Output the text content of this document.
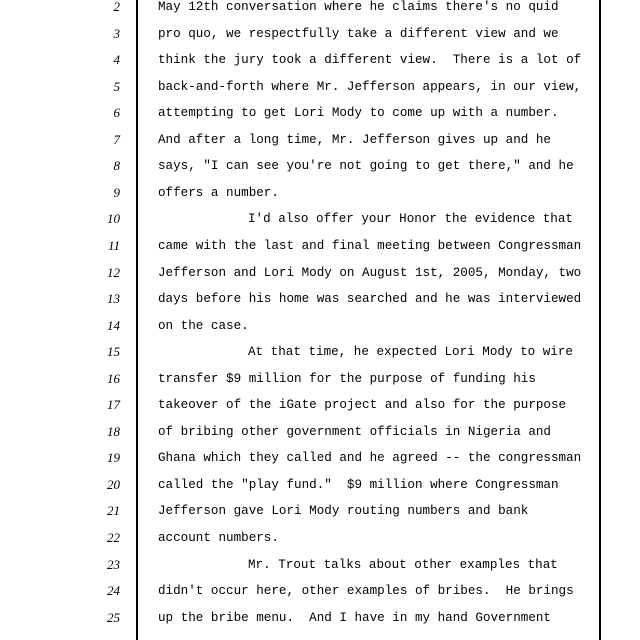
2	May 12th conversation where he claims there's no quid
3	pro quo, we respectfully take a different view and we
4	think the jury took a different view.  There is a lot of
5	back-and-forth where Mr. Jefferson appears, in our view,
6	attempting to get Lori Mody to come up with a number.
7	And after a long time, Mr. Jefferson gives up and he
8	says, "I can see you're not going to get there," and he
9	offers a number.
10	I'd also offer your Honor the evidence that
11	came with the last and final meeting between Congressman
12	Jefferson and Lori Mody on August 1st, 2005, Monday, two
13	days before his home was searched and he was interviewed
14	on the case.
15	At that time, he expected Lori Mody to wire
16	transfer $9 million for the purpose of funding his
17	takeover of the iGate project and also for the purpose
18	of bribing other government officials in Nigeria and
19	Ghana which they called and he agreed -- the congressman
20	called the "play fund."  $9 million where Congressman
21	Jefferson gave Lori Mody routing numbers and bank
22	account numbers.
23	Mr. Trout talks about other examples that
24	didn't occur here, other examples of bribes.  He brings
25	up the bribe menu.  And I have in my hand Government
